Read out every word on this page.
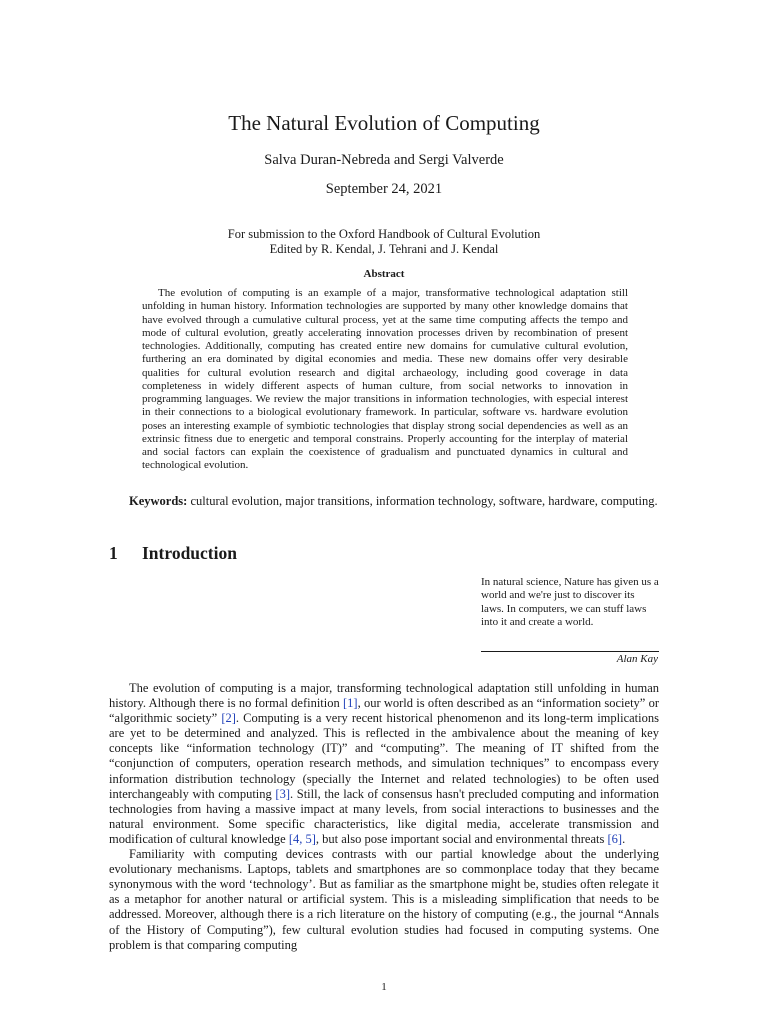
The Natural Evolution of Computing
Salva Duran-Nebreda and Sergi Valverde
September 24, 2021
For submission to the Oxford Handbook of Cultural Evolution
Edited by R. Kendal, J. Tehrani and J. Kendal
Abstract

The evolution of computing is an example of a major, transformative technological adaptation still unfolding in human history. Information technologies are supported by many other knowledge domains that have evolved through a cumulative cultural process, yet at the same time computing affects the tempo and mode of cultural evolution, greatly accelerating innovation processes driven by recombination of present technologies. Additionally, computing has created entire new domains for cumulative cultural evolution, furthering an era dominated by digital economies and media. These new domains offer very desirable qualities for cultural evolution research and digital archaeology, including good coverage in data completeness in widely different aspects of human culture, from social networks to innovation in programming languages. We review the major transitions in information technologies, with especial interest in their connections to a biological evolutionary framework. In particular, software vs. hardware evolution poses an interesting example of symbiotic technologies that display strong social dependencies as well as an extrinsic fitness due to energetic and temporal constrains. Properly accounting for the interplay of material and social factors can explain the coexistence of gradualism and punctuated dynamics in cultural and technological evolution.

Keywords: cultural evolution, major transitions, information technology, software, hardware, computing.

1 Introduction

In natural science, Nature has given us a world and we're just to discover its laws. In computers, we can stuff laws into it and create a world.

Alan Kay

The evolution of computing is a major, transforming technological adaptation still unfolding in human history. Although there is no formal definition [1], our world is often described as an “information society” or “algorithmic society” [2]. Computing is a very recent historical phenomenon and its long-term implications are yet to be determined and analyzed. This is reflected in the ambivalence about the meaning of key concepts like “information technology (IT)” and “computing”. The meaning of IT shifted from the “conjunction of computers, operation research methods, and simulation techniques” to encompass every information distribution technology (specially the Internet and related technologies) to be often used interchangeably with computing [3]. Still, the lack of consensus hasn't precluded computing and information technologies from having a massive impact at many levels, from social interactions to businesses and the natural environment. Some specific characteristics, like digital media, accelerate transmission and modification of cultural knowledge [4, 5], but also pose important social and environmental threats [6].

Familiarity with computing devices contrasts with our partial knowledge about the underlying evolutionary mechanisms. Laptops, tablets and smartphones are so commonplace today that they became synonymous with the word ‘technology’. But as familiar as the smartphone might be, studies often relegate it as a metaphor for another natural or artificial system. This is a misleading simplification that needs to be addressed. Moreover, although there is a rich literature on the history of computing (e.g., the journal “Annals of the History of Computing”), few cultural evolution studies had focused in computing systems. One problem is that comparing computing

1
